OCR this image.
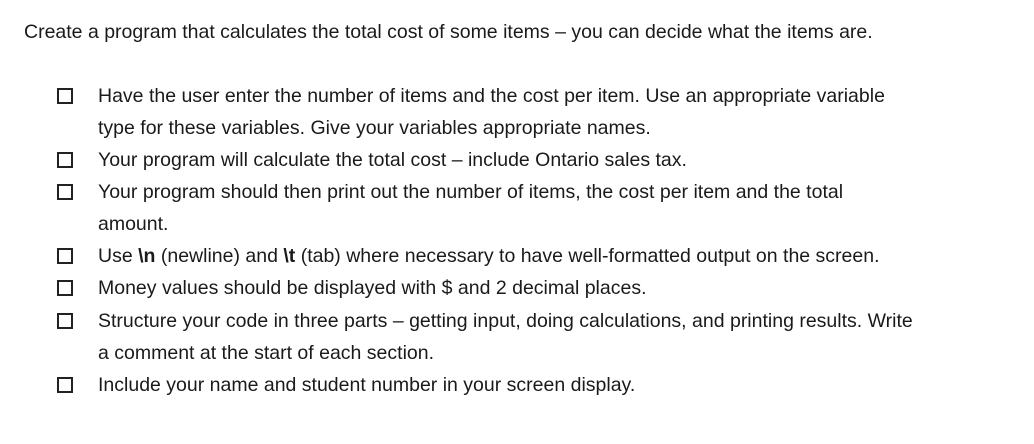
Create a program that calculates the total cost of some items – you can decide what the items are.
Have the user enter the number of items and the cost per item. Use an appropriate variable
type for these variables. Give your variables appropriate names.
Your program will calculate the total cost – include Ontario sales tax.
Your program should then print out the number of items, the cost per item and the total
amount.
Use \n (newline) and \t (tab) where necessary to have well-formatted output on the screen.
Money values should be displayed with $ and 2 decimal places.
Structure your code in three parts – getting input, doing calculations, and printing results. Write
a comment at the start of each section.
Include your name and student number in your screen display.
